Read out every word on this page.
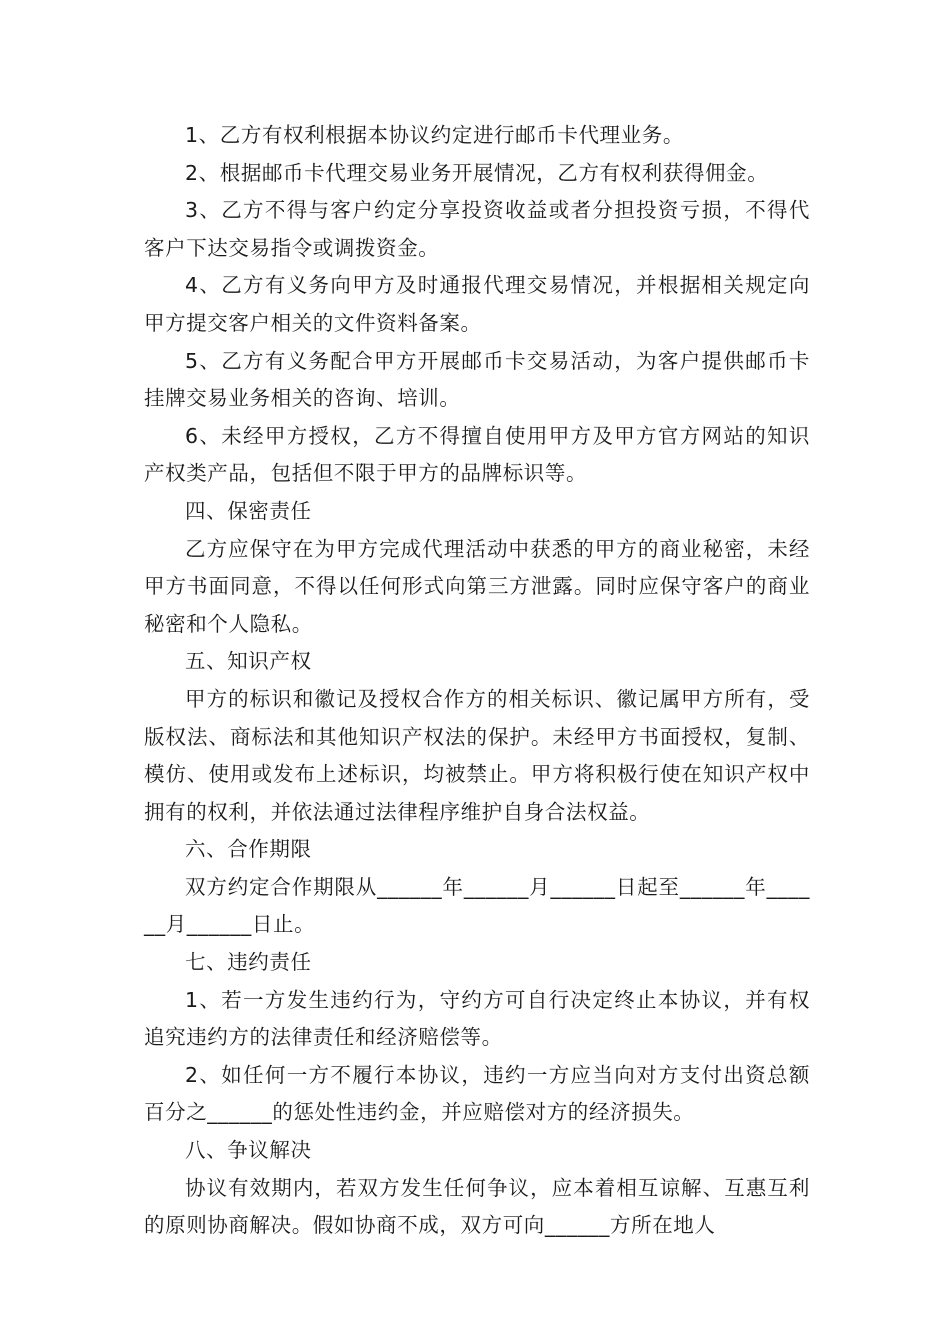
1、乙方有权利根据本协议约定进行邮币卡代理业务。

2、根据邮币卡代理交易业务开展情况，乙方有权利获得佣金。

3、乙方不得与客户约定分享投资收益或者分担投资亏损，不得代客户下达交易指令或调拨资金。

4、乙方有义务向甲方及时通报代理交易情况，并根据相关规定向甲方提交客户相关的文件资料备案。

5、乙方有义务配合甲方开展邮币卡交易活动，为客户提供邮币卡挂牌交易业务相关的咨询、培训。

6、未经甲方授权，乙方不得擅自使用甲方及甲方官方网站的知识产权类产品，包括但不限于甲方的品牌标识等。

四、保密责任

乙方应保守在为甲方完成代理活动中获悉的甲方的商业秘密，未经甲方书面同意，不得以任何形式向第三方泄露。同时应保守客户的商业秘密和个人隐私。

五、知识产权

甲方的标识和徽记及授权合作方的相关标识、徽记属甲方所有，受版权法、商标法和其他知识产权法的保护。未经甲方书面授权，复制、模仿、使用或发布上述标识，均被禁止。甲方将积极行使在知识产权中拥有的权利，并依法通过法律程序维护自身合法权益。

六、合作期限

双方约定合作期限从______年______月______日起至______年______月______日止。

七、违约责任

1、若一方发生违约行为，守约方可自行决定终止本协议，并有权追究违约方的法律责任和经济赔偿等。

2、如任何一方不履行本协议，违约一方应当向对方支付出资总额百分之______的惩处性违约金，并应赔偿对方的经济损失。

八、争议解决

协议有效期内，若双方发生任何争议，应本着相互谅解、互惠互利的原则协商解决。假如协商不成，双方可向______方所在地人
